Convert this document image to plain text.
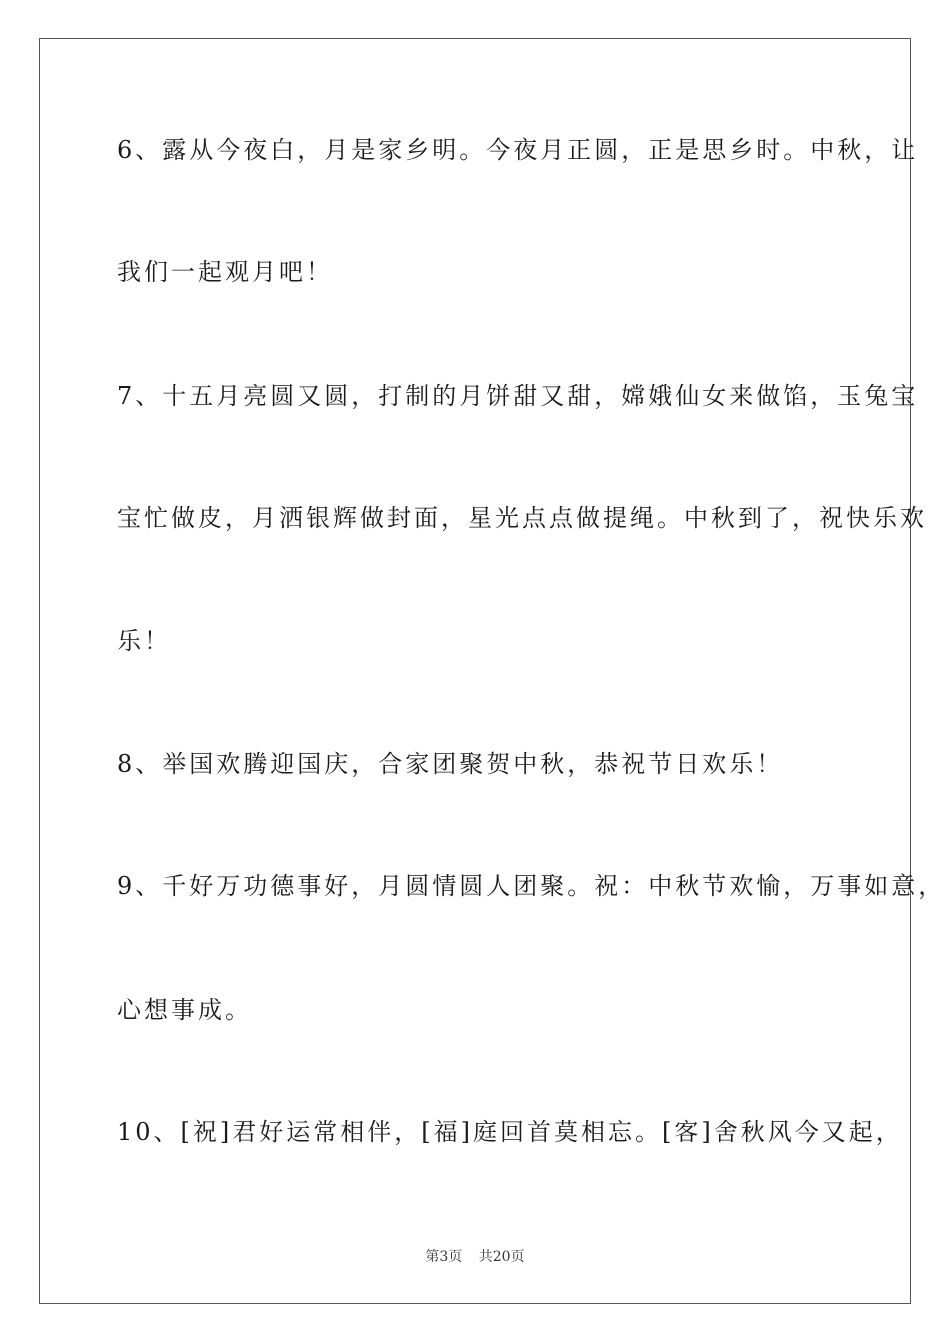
6、露从今夜白，月是家乡明。今夜月正圆，正是思乡时。中秋，让
我们一起观月吧！
7、十五月亮圆又圆，打制的月饼甜又甜，嫦娥仙女来做馅，玉兔宝
宝忙做皮，月洒银辉做封面，星光点点做提绳。中秋到了，祝快乐欢
乐！
8、举国欢腾迎国庆，合家团聚贺中秋，恭祝节日欢乐！
9、千好万功德事好，月圆情圆人团聚。祝：中秋节欢愉，万事如意，
心想事成。
10、[祝]君好运常相伴，[福]庭回首莫相忘。[客]舍秋风今又起，
第3页 共20页
